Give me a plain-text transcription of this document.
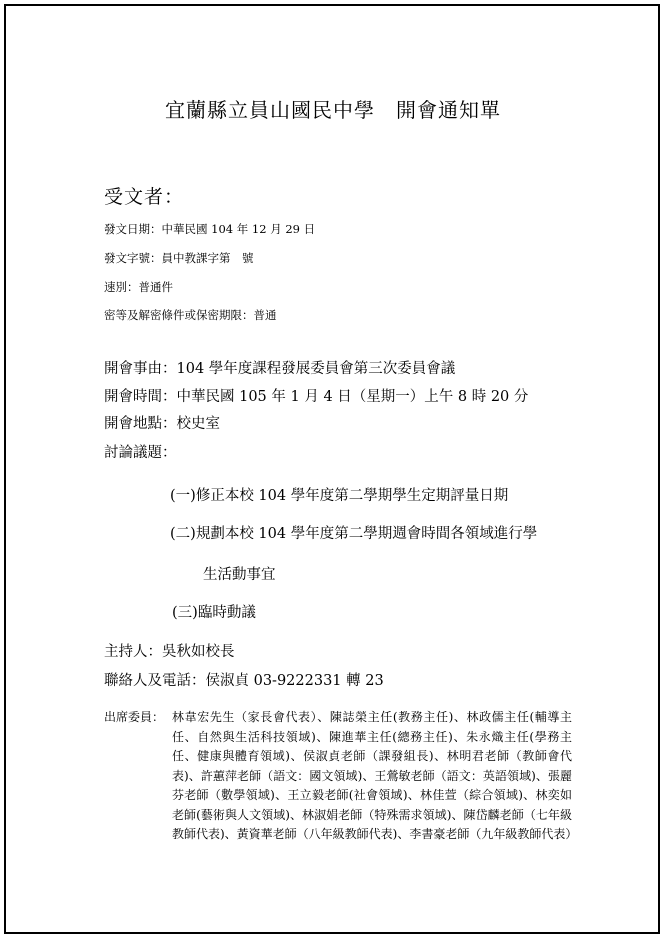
宜蘭縣立員山國民中學　開會通知單
受文者：
發文日期：中華民國 104 年 12 月 29 日
發文字號：員中教課字第　號
速別：普通件
密等及解密條件或保密期限：普通
開會事由：104 學年度課程發展委員會第三次委員會議
開會時間：中華民國 105 年 1 月 4 日（星期一）上午 8 時 20 分
開會地點：校史室
討論議題：
(一)修正本校 104 學年度第二學期學生定期評量日期
(二)規劃本校 104 學年度第二學期週會時間各領域進行學
生活動事宜
(三)臨時動議
主持人：吳秋如校長
聯絡人及電話：侯淑貞 03-9222331 轉 23
出席委員： 林韋宏先生（家長會代表）、陳誌榮主任(教務主任)、林政儒主任(輔導主任、自然與生活科技領域)、陳進華主任(總務主任)、朱永熾主任(學務主任、健康與體育領域)、侯淑貞老師（課發組長)、林明君老師（教師會代表)、許蕙萍老師（語文：國文領域)、王鶯敏老師（語文：英語領域)、張麗芬老師（數學領域)、王立毅老師(社會領域)、林佳萱（綜合領域)、林奕如老師(藝術與人文領域)、林淑娟老師（特殊需求領域)、陳岱麟老師（七年級教師代表)、黃資華老師（八年級教師代表)、李書豪老師（九年級教師代表）
